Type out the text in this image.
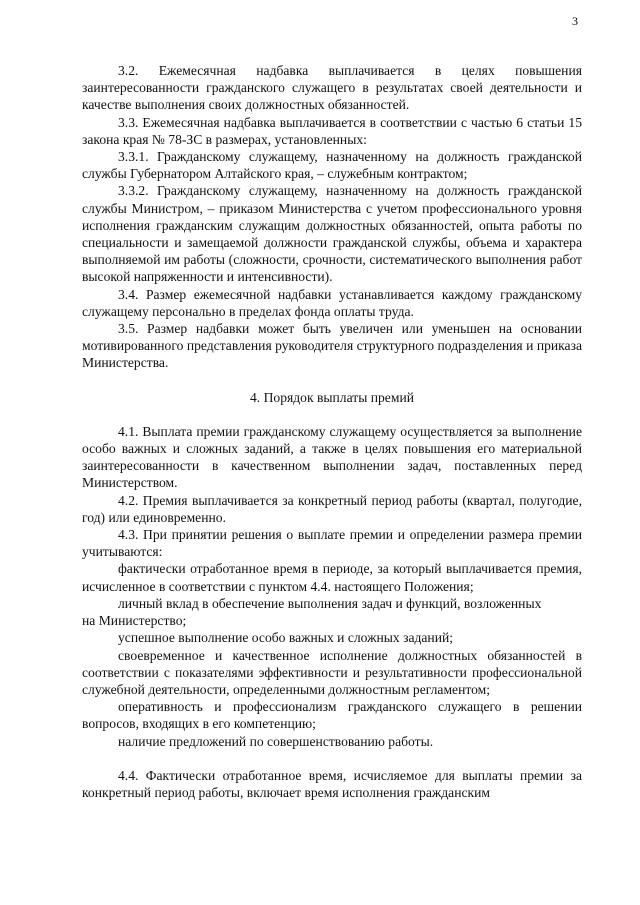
3

3.2. Ежемесячная надбавка выплачивается в целях повышения заинтересованности гражданского служащего в результатах своей деятельности и качестве выполнения своих должностных обязанностей.

3.3. Ежемесячная надбавка выплачивается в соответствии с частью 6 статьи 15 закона края № 78-ЗС в размерах, установленных:

3.3.1. Гражданскому служащему, назначенному на должность гражданской службы Губернатором Алтайского края, – служебным контрактом;

3.3.2. Гражданскому служащему, назначенному на должность гражданской службы Министром, – приказом Министерства с учетом профессионального уровня исполнения гражданским служащим должностных обязанностей, опыта работы по специальности и замещаемой должности гражданской службы, объема и характера выполняемой им работы (сложности, срочности, систематического выполнения работ высокой напряженности и интенсивности).

3.4. Размер ежемесячной надбавки устанавливается каждому гражданскому служащему персонально в пределах фонда оплаты труда.

3.5. Размер надбавки может быть увеличен или уменьшен на основании мотивированного представления руководителя структурного подразделения и приказа Министерства.

4. Порядок выплаты премий

4.1. Выплата премии гражданскому служащему осуществляется за выполнение особо важных и сложных заданий, а также в целях повышения его материальной заинтересованности в качественном выполнении задач, поставленных перед Министерством.

4.2. Премия выплачивается за конкретный период работы (квартал, полугодие, год) или единовременно.

4.3. При принятии решения о выплате премии и определении размера премии учитываются:

фактически отработанное время в периоде, за который выплачивается премия, исчисленное в соответствии с пунктом 4.4. настоящего Положения;

личный вклад в обеспечение выполнения задач и функций, возложенных

на Министерство;

успешное выполнение особо важных и сложных заданий;

своевременное и качественное исполнение должностных обязанностей в соответствии с показателями эффективности и результативности профессиональной служебной деятельности, определенными должностным регламентом;

оперативность и профессионализм гражданского служащего в решении вопросов, входящих в его компетенцию;

наличие предложений по совершенствованию работы.

4.4. Фактически отработанное время, исчисляемое для выплаты премии за конкретный период работы, включает время исполнения гражданским
